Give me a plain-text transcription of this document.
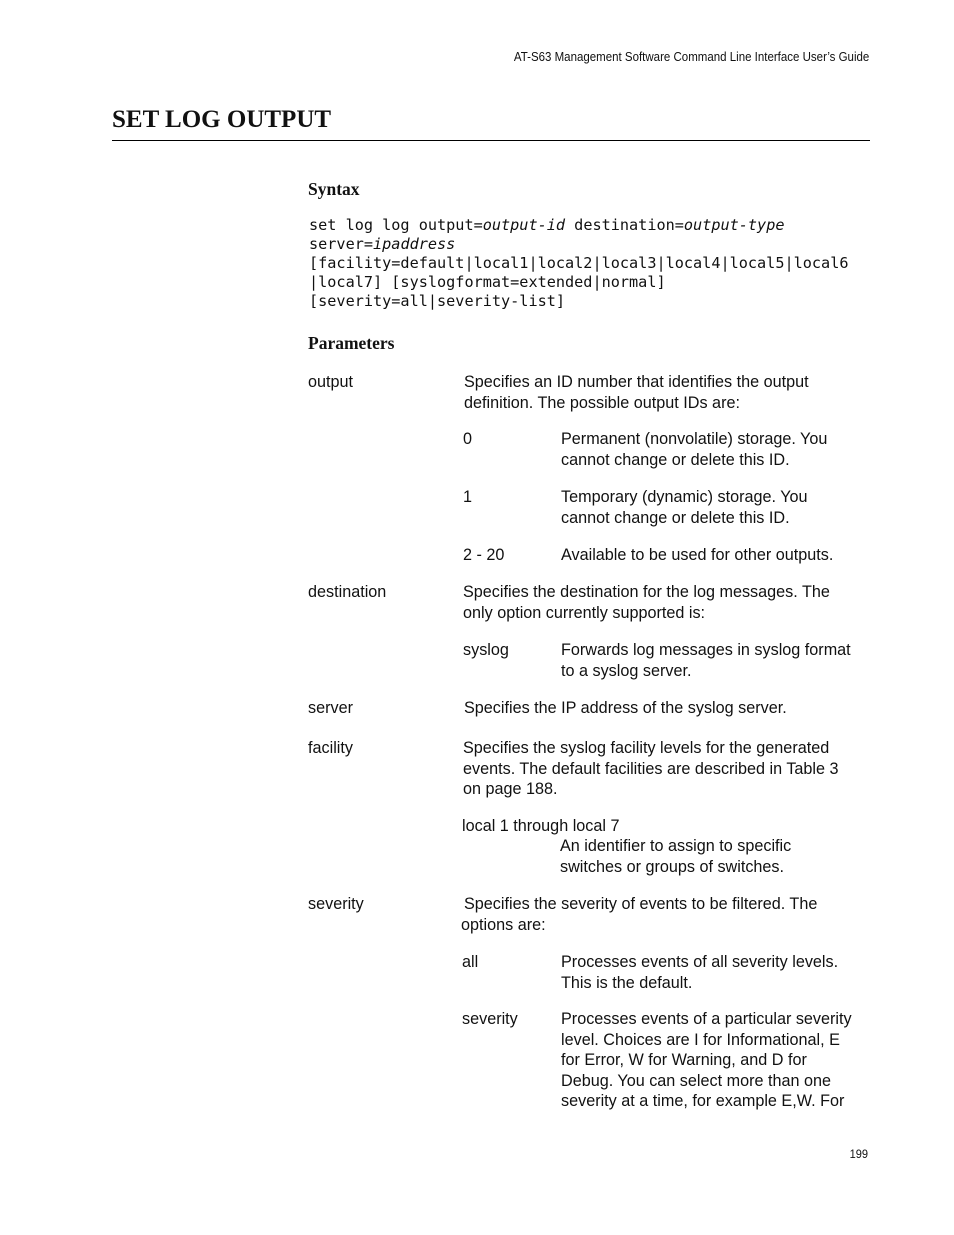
AT-S63 Management Software Command Line Interface User’s Guide
SET LOG OUTPUT
Syntax
set log log output=output-id destination=output-type
server=ipaddress
[facility=default|local1|local2|local3|local4|local5|local6
|local7] [syslogformat=extended|normal]
[severity=all|severity-list]
Parameters
output	Specifies an ID number that identifies the output
definition. The possible output IDs are:
0	Permanent (nonvolatile) storage. You
cannot change or delete this ID.
1	Temporary (dynamic) storage. You
cannot change or delete this ID.
2 - 20	Available to be used for other outputs.
destination	Specifies the destination for the log messages. The
only option currently supported is:
syslog	Forwards log messages in syslog format
to a syslog server.
server	Specifies the IP address of the syslog server.
facility	Specifies the syslog facility levels for the generated
events. The default facilities are described in Table 3
on page 188.
local 1 through local 7
An identifier to assign to specific
switches or groups of switches.
severity	Specifies the severity of events to be filtered. The
options are:
all	Processes events of all severity levels.
This is the default.
severity	Processes events of a particular severity
level. Choices are I for Informational, E
for Error, W for Warning, and D for
Debug. You can select more than one
severity at a time, for example E,W. For
199
